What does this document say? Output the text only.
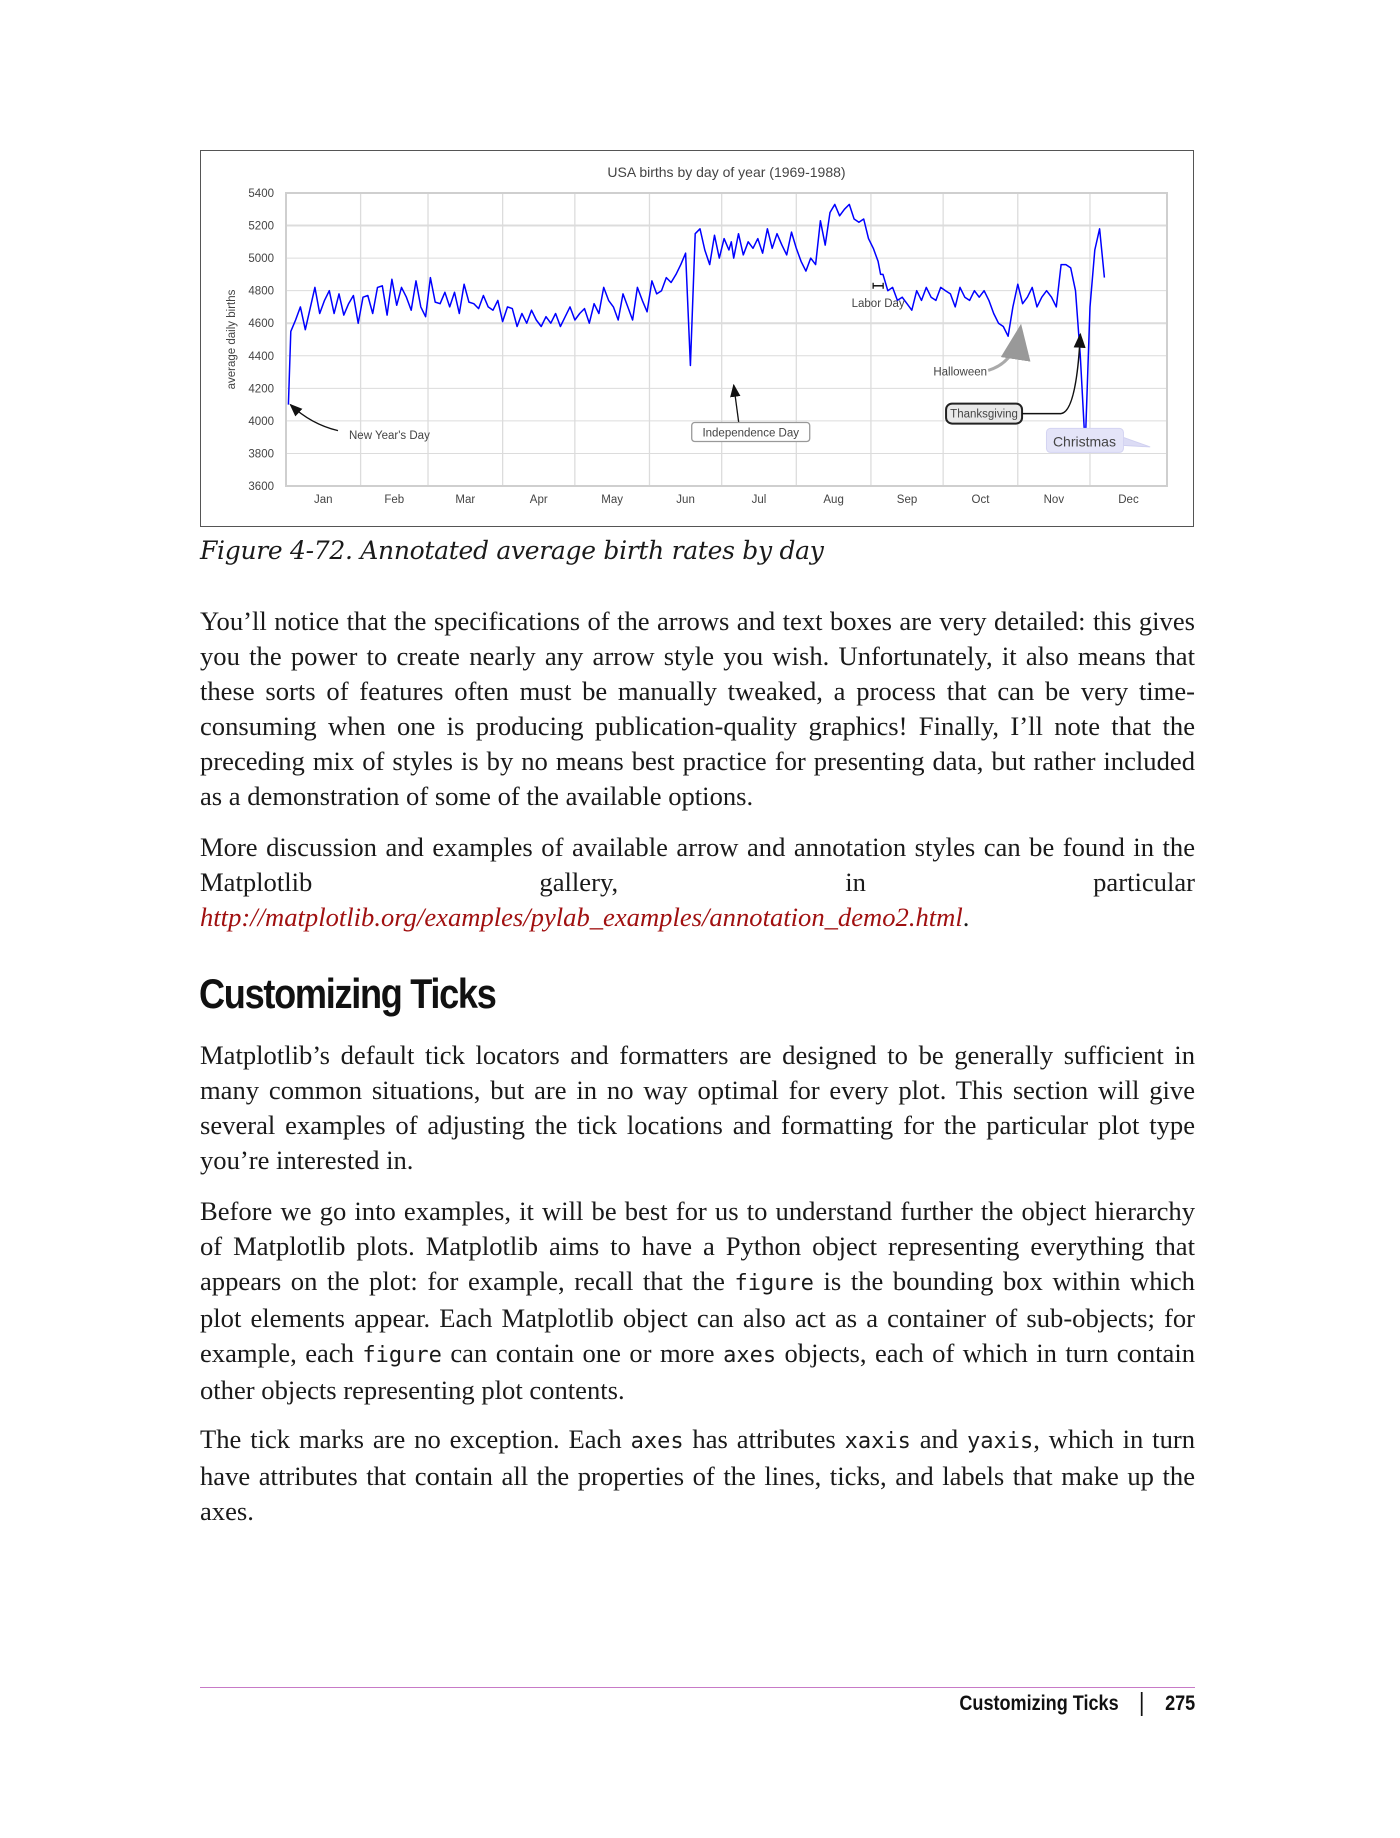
3600
3800
4000
4200
4400
4600
4800
5000
5200
5400
Jan	Feb	Mar	Apr	May	Jun	Jul	Aug	Sep	Oct	Nov	Dec
USA births by day of year (1969-1988)
average daily births
New Year's Day	Independence Day
Labor Day
Halloween
Thanksgiving
Christmas
Figure 4-72. Annotated average birth rates by day

You’ll notice that the specifications of the arrows and text boxes are very detailed: this gives you the power to create nearly any arrow style you wish. Unfortunately, it also means that these sorts of features often must be manually tweaked, a process that can be very time-consuming when one is producing publication-quality graphics! Finally, I’ll note that the preceding mix of styles is by no means best practice for presenting data, but rather included as a demonstration of some of the available options.

More discussion and examples of available arrow and annotation styles can be found in the Matplotlib gallery, in particular http://matplotlib.org/examples/pylab_examples/annotation_demo2.html.

Customizing Ticks

Matplotlib’s default tick locators and formatters are designed to be generally sufficient in many common situations, but are in no way optimal for every plot. This section will give several examples of adjusting the tick locations and formatting for the particular plot type you’re interested in.

Before we go into examples, it will be best for us to understand further the object hierarchy of Matplotlib plots. Matplotlib aims to have a Python object representing everything that appears on the plot: for example, recall that the figure is the bounding box within which plot elements appear. Each Matplotlib object can also act as a container of sub-objects; for example, each figure can contain one or more axes objects, each of which in turn contain other objects representing plot contents.

The tick marks are no exception. Each axes has attributes xaxis and yaxis, which in turn have attributes that contain all the properties of the lines, ticks, and labels that make up the axes.

Customizing Ticks 275
